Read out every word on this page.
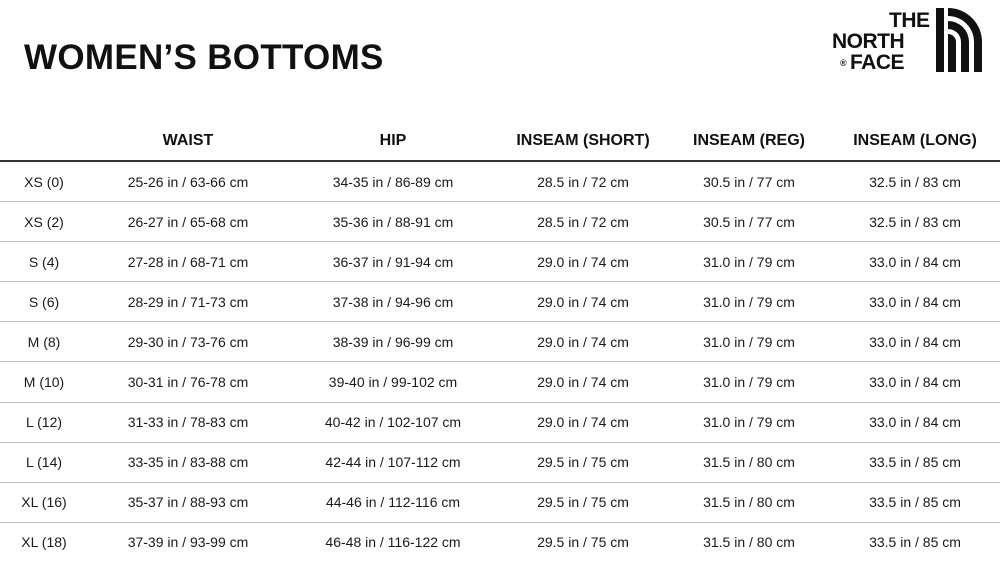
WOMEN’S BOTTOMS
THE
NORTH
® FACE
	WAIST	HIP	INSEAM (SHORT)	INSEAM (REG)	INSEAM (LONG)
XS (0)	25-26 in / 63-66 cm	34-35 in / 86-89 cm	28.5 in / 72 cm	30.5 in / 77 cm	32.5 in / 83 cm
XS (2)	26-27 in / 65-68 cm	35-36 in / 88-91 cm	28.5 in / 72 cm	30.5 in / 77 cm	32.5 in / 83 cm
S (4)	27-28 in / 68-71 cm	36-37 in / 91-94 cm	29.0 in / 74 cm	31.0 in / 79 cm	33.0 in / 84 cm
S (6)	28-29 in / 71-73 cm	37-38 in / 94-96 cm	29.0 in / 74 cm	31.0 in / 79 cm	33.0 in / 84 cm
M (8)	29-30 in / 73-76 cm	38-39 in / 96-99 cm	29.0 in / 74 cm	31.0 in / 79 cm	33.0 in / 84 cm
M (10)	30-31 in / 76-78 cm	39-40 in / 99-102 cm	29.0 in / 74 cm	31.0 in / 79 cm	33.0 in / 84 cm
L (12)	31-33 in / 78-83 cm	40-42 in / 102-107 cm	29.0 in / 74 cm	31.0 in / 79 cm	33.0 in / 84 cm
L (14)	33-35 in / 83-88 cm	42-44 in / 107-112 cm	29.5 in / 75 cm	31.5 in / 80 cm	33.5 in / 85 cm
XL (16)	35-37 in / 88-93 cm	44-46 in / 112-116 cm	29.5 in / 75 cm	31.5 in / 80 cm	33.5 in / 85 cm
XL (18)	37-39 in / 93-99 cm	46-48 in / 116-122 cm	29.5 in / 75 cm	31.5 in / 80 cm	33.5 in / 85 cm
